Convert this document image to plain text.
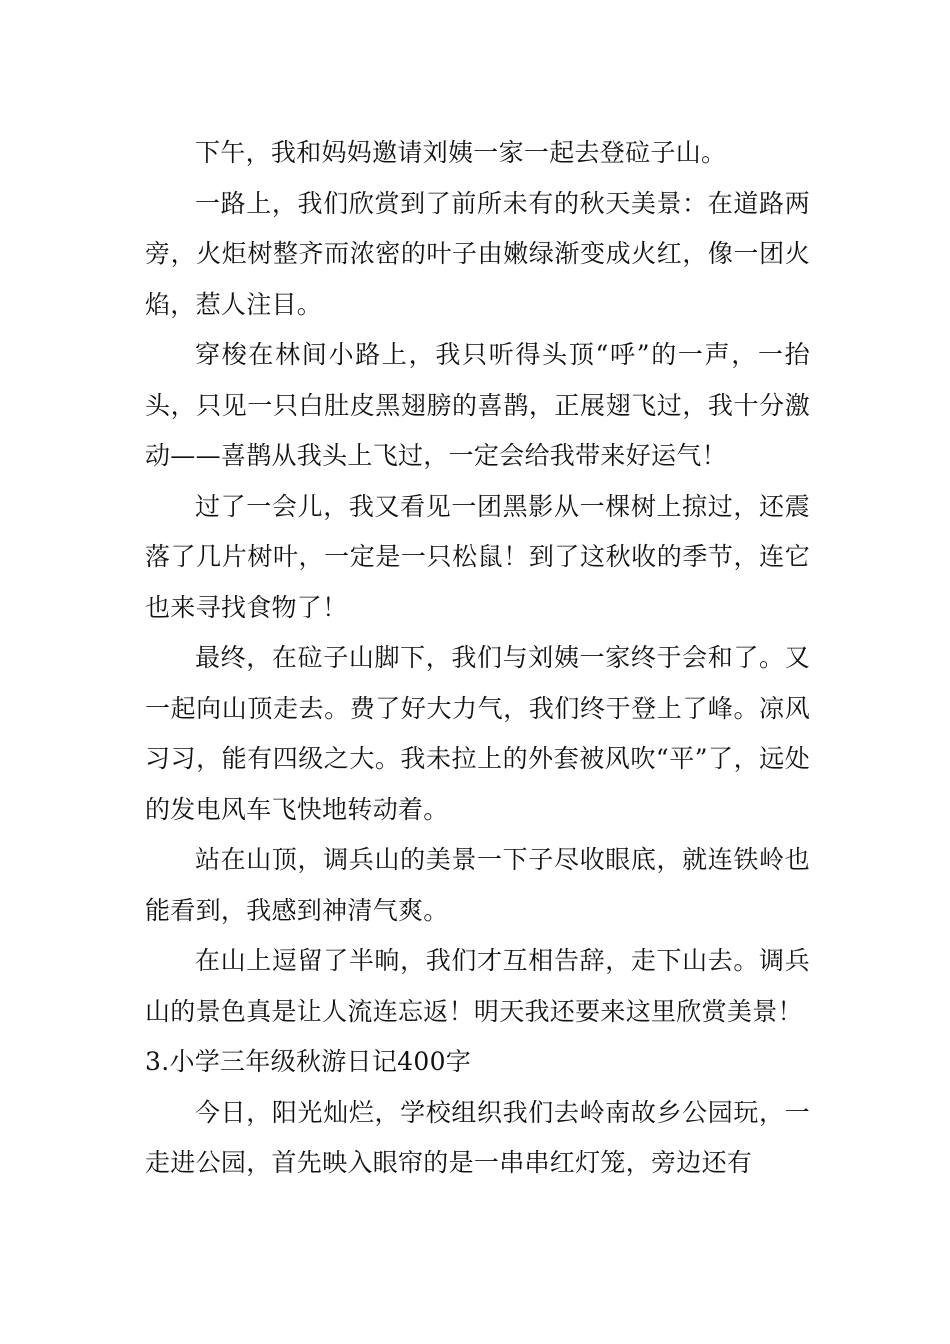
下午，我和妈妈邀请刘姨一家一起去登砬子山。

一路上，我们欣赏到了前所未有的秋天美景：在道路两旁，火炬树整齐而浓密的叶子由嫩绿渐变成火红，像一团火焰，惹人注目。

穿梭在林间小路上，我只听得头顶“呼”的一声，一抬头，只见一只白肚皮黑翅膀的喜鹊，正展翅飞过，我十分激动——喜鹊从我头上飞过，一定会给我带来好运气！

过了一会儿，我又看见一团黑影从一棵树上掠过，还震落了几片树叶，一定是一只松鼠！到了这秋收的季节，连它也来寻找食物了！

最终，在砬子山脚下，我们与刘姨一家终于会和了。又一起向山顶走去。费了好大力气，我们终于登上了峰。凉风习习，能有四级之大。我未拉上的外套被风吹“平”了，远处的发电风车飞快地转动着。

站在山顶，调兵山的美景一下子尽收眼底，就连铁岭也能看到，我感到神清气爽。

在山上逗留了半晌，我们才互相告辞，走下山去。调兵山的景色真是让人流连忘返！明天我还要来这里欣赏美景！

3.小学三年级秋游日记400字

今日，阳光灿烂，学校组织我们去岭南故乡公园玩，一走进公园，首先映入眼帘的是一串串红灯笼，旁边还有
